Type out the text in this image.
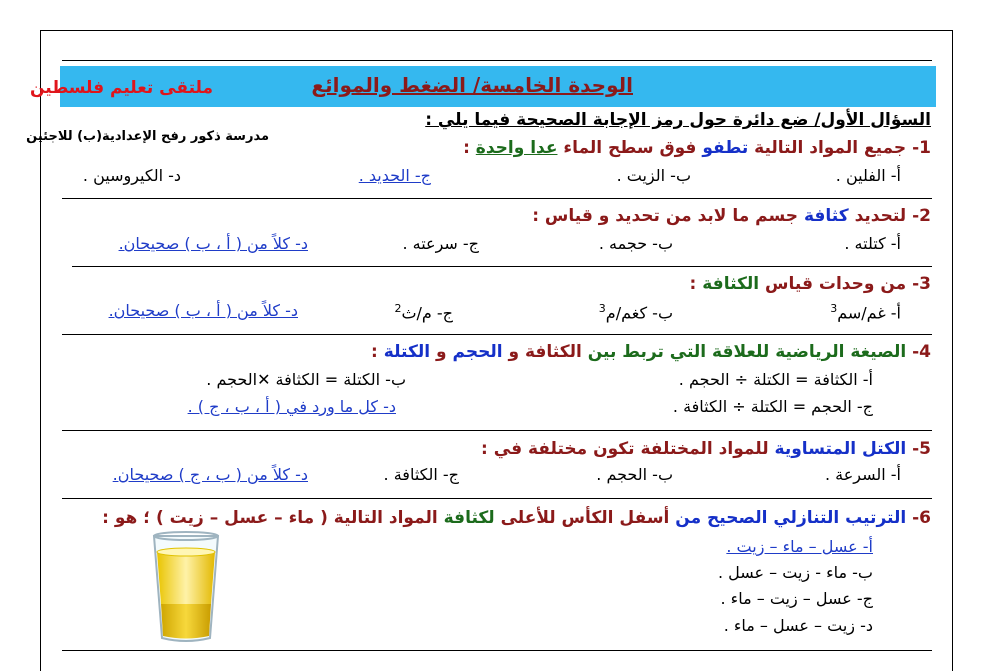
الوحدة الخامسة/ الضغط والموائع
ملتقى تعليم فلسطين
السؤال الأول/ ضع دائرة حول رمز الإجابة الصحيحة فيما يلي :
مدرسة ذكور رفح الإعدادية(ب) للاجئين
1- جميع المواد التالية تطفو فوق سطح الماء عدا واحدة :
أ- الفلين .
ب- الزيت .
ج- الحديد .
د- الكيروسين .
2- لتحديد كثافة جسم ما لابد من تحديد و قياس :
أ- كتلته .
ب- حجمه .
ج- سرعته .
د- كلاً من ( أ ، ب ) صحيحان.
3- من وحدات قياس الكثافة :
أ- غم/سم$^3$
ب- كغم/م$^3$
ج- م/ث$^2$
د- كلاً من ( أ ، ب ) صحيحان.
4- الصيغة الرياضية للعلاقة التي تربط بين الكثافة و الحجم و الكتلة :
أ- الكثافة = الكتلة ÷ الحجم .
ب- الكتلة = الكثافة ✕الحجم .
ج- الحجم = الكتلة ÷ الكثافة .
د- كل ما ورد في ( أ ، ب ، ج ) .
5- الكتل المتساوية للمواد المختلفة تكون مختلفة في :
أ- السرعة .
ب- الحجم .
ج- الكثافة .
د- كلاً من ( ب ، ج ) صحيحان.
6- الترتيب التنازلي الصحيح من أسفل الكأس للأعلى لكثافة المواد التالية ( ماء – عسل – زيت ) ؛ هو :
أ- عسل – ماء – زيت .
ب- ماء - زيت – عسل .
ج- عسل – زيت – ماء .
د- زيت – عسل – ماء .
